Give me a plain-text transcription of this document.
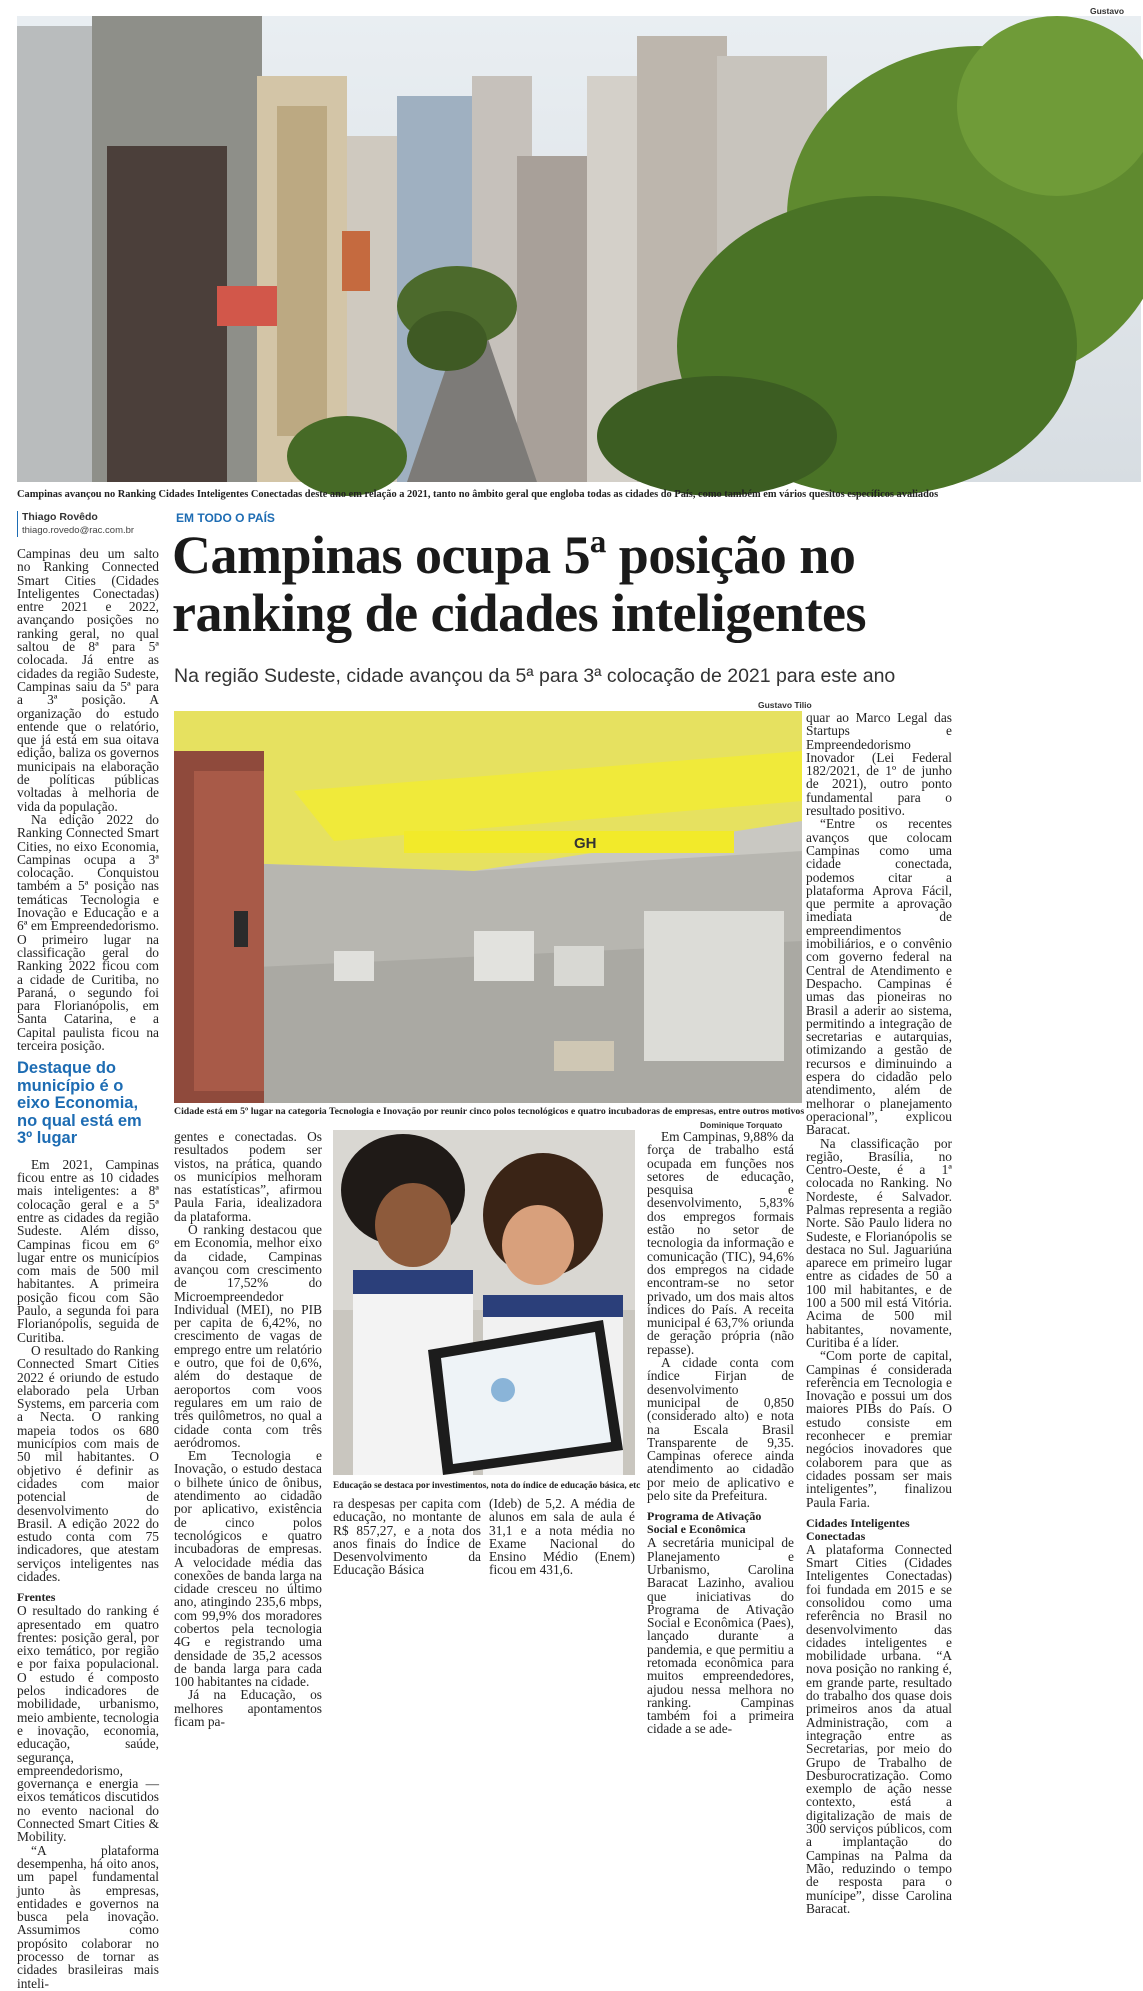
Gustavo
Campinas avançou no Ranking Cidades Inteligentes Conectadas deste ano em relação a 2021, tanto no âmbito geral que engloba todas as cidades do País, como também em vários quesitos específicos avaliados
Thiago Rovêdo
thiago.rovedo@rac.com.br
EM TODO O PAÍS
Campinas ocupa 5ª posição no
ranking de cidades inteligentes
Na região Sudeste, cidade avançou da 5ª para 3ª colocação de 2021 para este ano
Gustavo Tilio
GH
Cidade está em 5º lugar na categoria Tecnologia e Inovação por reunir cinco polos tecnológicos e quatro incubadoras de empresas, entre outros motivos
Dominique Torquato
Educação se destaca por investimentos, nota do índice de educação básica, etc

Campinas deu um salto no Ranking Connected Smart Cities (Cidades Inteligentes Conectadas) entre 2021 e 2022, avançando posições no ranking geral, no qual saltou de 8ª para 5ª colocada. Já entre as cidades da região Sudeste, Campinas saiu da 5ª para a 3ª posição. A organização do estudo entende que o relatório, que já está em sua oitava edição, baliza os governos municipais na elaboração de políticas públicas voltadas à melhoria de vida da população.

Na edição 2022 do Ranking Connected Smart Cities, no eixo Economia, Campinas ocupa a 3ª colocação. Conquistou também a 5ª posição nas temáticas Tecnologia e Inovação e Educação e a 6ª em Empreendedorismo. O primeiro lugar na classificação geral do Ranking 2022 ficou com a cidade de Curitiba, no Paraná, o segundo foi para Florianópolis, em Santa Catarina, e a Capital paulista ficou na terceira posição.

Destaque do município é o eixo Economia, no qual está em 3º lugar

Em 2021, Campinas ficou entre as 10 cidades mais inteligentes: a 8ª colocação geral e a 5ª entre as cidades da região Sudeste. Além disso, Campinas ficou em 6º lugar entre os municípios com mais de 500 mil habitantes. A primeira posição ficou com São Paulo, a segunda foi para Florianópolis, seguida de Curitiba.

O resultado do Ranking Connected Smart Cities 2022 é oriundo de estudo elaborado pela Urban Systems, em parceria com a Necta. O ranking mapeia todos os 680 municípios com mais de 50 mil habitantes. O objetivo é definir as cidades com maior potencial de desenvolvimento do Brasil. A edição 2022 do estudo conta com 75 indicadores, que atestam serviços inteligentes nas cidades.

Frentes

O resultado do ranking é apresentado em quatro frentes: posição geral, por eixo temático, por região e por faixa populacional. O estudo é composto pelos indicadores de mobilidade, urbanismo, meio ambiente, tecnologia e inovação, economia, educação, saúde, segurança, empreendedorismo, governança e energia — eixos temáticos discutidos no evento nacional do Connected Smart Cities & Mobility.

“A plataforma desempenha, há oito anos, um papel fundamental junto às empresas, entidades e governos na busca pela inovação. Assumimos como propósito colaborar no processo de tornar as cidades brasileiras mais inteli-

gentes e conectadas. Os resultados podem ser vistos, na prática, quando os municípios melhoram nas estatísticas”, afirmou Paula Faria, idealizadora da plataforma.

O ranking destacou que em Economia, melhor eixo da cidade, Campinas avançou com crescimento de 17,52% do Microempreendedor Individual (MEI), no PIB per capita de 6,42%, no crescimento de vagas de emprego entre um relatório e outro, que foi de 0,6%, além do destaque de aeroportos com voos regulares em um raio de três quilômetros, no qual a cidade conta com três aeródromos.

Em Tecnologia e Inovação, o estudo destaca o bilhete único de ônibus, atendimento ao cidadão por aplicativo, existência de cinco polos tecnológicos e quatro incubadoras de empresas. A velocidade média das conexões de banda larga na cidade cresceu no último ano, atingindo 235,6 mbps, com 99,9% dos moradores cobertos pela tecnologia 4G e registrando uma densidade de 35,2 acessos de banda larga para cada 100 habitantes na cidade.

Já na Educação, os melhores apontamentos ficam pa-

ra despesas per capita com educação, no montante de R$ 857,27, e a nota dos anos finais do Índice de Desenvolvimento da Educação Básica

(Ideb) de 5,2. A média de alunos em sala de aula é 31,1 e a nota média no Exame Nacional do Ensino Médio (Enem) ficou em 431,6.

Em Campinas, 9,88% da força de trabalho está ocupada em funções nos setores de educação, pesquisa e desenvolvimento, 5,83% dos empregos formais estão no setor de tecnologia da informação e comunicação (TIC), 94,6% dos empregos na cidade encontram-se no setor privado, um dos mais altos índices do País. A receita municipal é 63,7% oriunda de geração própria (não repasse).

A cidade conta com índice Firjan de desenvolvimento municipal de 0,850 (considerado alto) e nota na Escala Brasil Transparente de 9,35. Campinas oferece ainda atendimento ao cidadão por meio de aplicativo e pelo site da Prefeitura.

Programa de Ativação Social e Econômica

A secretária municipal de Planejamento e Urbanismo, Carolina Baracat Lazinho, avaliou que iniciativas do Programa de Ativação Social e Econômica (Paes), lançado durante a pandemia, e que permitiu a retomada econômica para muitos empreendedores, ajudou nessa melhora no ranking. Campinas também foi a primeira cidade a se ade-

quar ao Marco Legal das Startups e Empreendedorismo Inovador (Lei Federal 182/2021, de 1º de junho de 2021), outro ponto fundamental para o resultado positivo.

“Entre os recentes avanços que colocam Campinas como uma cidade conectada, podemos citar a plataforma Aprova Fácil, que permite a aprovação imediata de empreendimentos imobiliários, e o convênio com governo federal na Central de Atendimento e Despacho. Campinas é umas das pioneiras no Brasil a aderir ao sistema, permitindo a integração de secretarias e autarquias, otimizando a gestão de recursos e diminuindo a espera do cidadão pelo atendimento, além de melhorar o planejamento operacional”, explicou Baracat.

Na classificação por região, Brasília, no Centro-Oeste, é a 1ª colocada no Ranking. No Nordeste, é Salvador. Palmas representa a região Norte. São Paulo lidera no Sudeste, e Florianópolis se destaca no Sul. Jaguariúna aparece em primeiro lugar entre as cidades de 50 a 100 mil habitantes, e de 100 a 500 mil está Vitória. Acima de 500 mil habitantes, novamente, Curitiba é a líder.

“Com porte de capital, Campinas é considerada referência em Tecnologia e Inovação e possui um dos maiores PIBs do País. O estudo consiste em reconhecer e premiar negócios inovadores que colaborem para que as cidades possam ser mais inteligentes”, finalizou Paula Faria.

Cidades Inteligentes Conectadas

A plataforma Connected Smart Cities (Cidades Inteligentes Conectadas) foi fundada em 2015 e se consolidou como uma referência no Brasil no desenvolvimento das cidades inteligentes e mobilidade urbana. “A nova posição no ranking é, em grande parte, resultado do trabalho dos quase dois primeiros anos da atual Administração, com a integração entre as Secretarias, por meio do Grupo de Trabalho de Desburocratização. Como exemplo de ação nesse contexto, está a digitalização de mais de 300 serviços públicos, com a implantação do Campinas na Palma da Mão, reduzindo o tempo de resposta para o munícipe”, disse Carolina Baracat.
